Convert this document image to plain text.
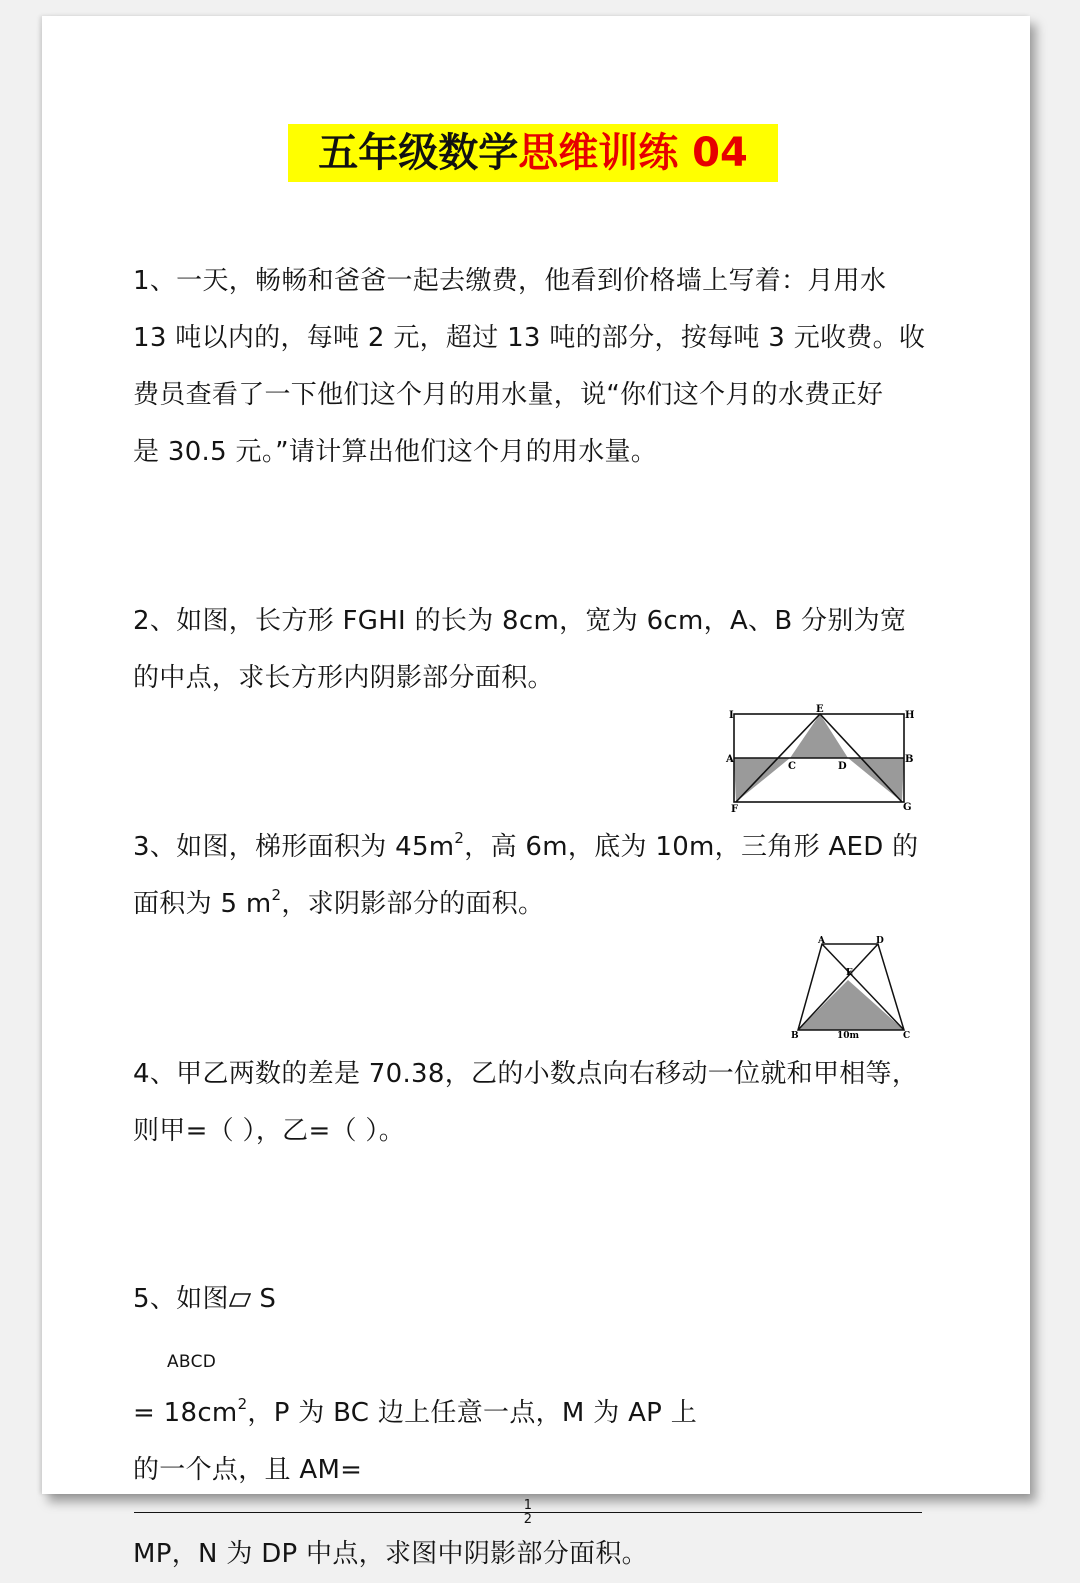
五年级数学思维训练 04
1、一天，畅畅和爸爸一起去缴费，他看到价格墙上写着：月用水
13 吨以内的，每吨 2 元，超过 13 吨的部分，按每吨 3 元收费。收
费员查看了一下他们这个月的用水量，说“你们这个月的水费正好
是 30.5 元。”请计算出他们这个月的用水量。
2、如图，长方形 FGHI 的长为 8cm，宽为 6cm，A、B 分别为宽
的中点，求长方形内阴影部分面积。
I
E
H
A
C	D
B
F	G
3、如图，梯形面积为 $45m^2$，高 6m，底为 10m，三角形 AED 的
面积为 5 $m^2$，求阴影部分的面积。
A	D
E
B	C
10m
4、甲乙两数的差是 70.38，乙的小数点向右移动一位就和甲相等，
则甲=（ ），乙=（ ）。
5、如图 S
ABCD
= $18cm^2$，P 为 BC 边上任意一点，M 为 AP 上
的一个点，且 AM=
1
2
MP，N 为 DP 中点，求图中阴影部分面积。
